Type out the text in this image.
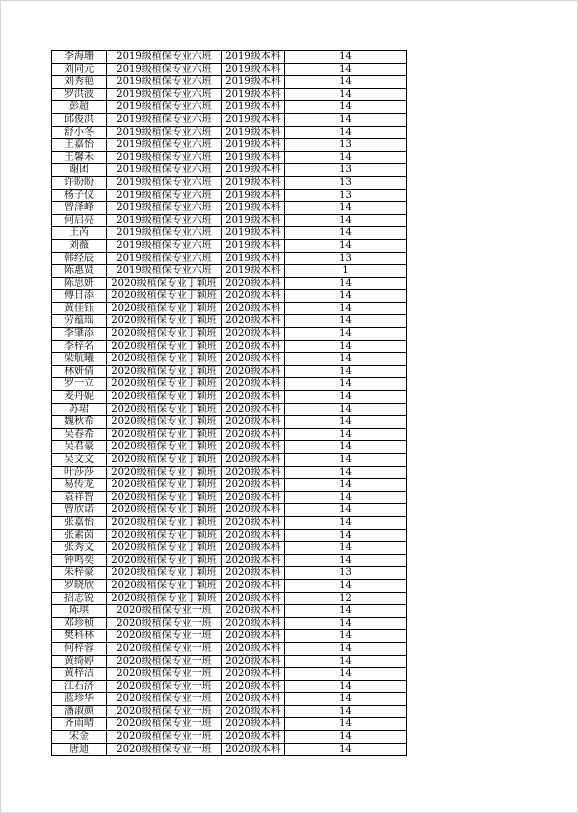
李海珊	2019级植保专业六班	2019级本科	14
刘同元	2019级植保专业六班	2019级本科	14
刘秀艳	2019级植保专业六班	2019级本科	14
罗洪波	2019级植保专业六班	2019级本科	14
彭超	2019级植保专业六班	2019级本科	14
邱俊洪	2019级植保专业六班	2019级本科	14
舒小冬	2019级植保专业六班	2019级本科	14
王嘉怡	2019级植保专业六班	2019级本科	13
王馨禾	2019级植保专业六班	2019级本科	14
谢团	2019级植保专业六班	2019级本科	13
许盼盼	2019级植保专业六班	2019级本科	13
杨子仪	2019级植保专业六班	2019级本科	13
曾泽峰	2019级植保专业六班	2019级本科	14
何启亮	2019级植保专业六班	2019级本科	14
王芮	2019级植保专业六班	2019级本科	14
刘薇	2019级植保专业六班	2019级本科	14
韩经辰	2019级植保专业六班	2019级本科	13
陈惠贤	2019级植保专业六班	2019级本科	1
陈思妍	2020级植保专业丁颖班	2020级本科	14
傅日添	2020级植保专业丁颖班	2020级本科	14
黄佳钰	2020级植保专业丁颖班	2020级本科	14
劳蕴瑶	2020级植保专业丁颖班	2020级本科	14
李肇添	2020级植保专业丁颖班	2020级本科	14
李梓名	2020级植保专业丁颖班	2020级本科	14
梁航曦	2020级植保专业丁颖班	2020级本科	14
林妍倩	2020级植保专业丁颖班	2020级本科	14
罗一立	2020级植保专业丁颖班	2020级本科	14
麦丹妮	2020级植保专业丁颖班	2020级本科	14
苏珺	2020级植保专业丁颖班	2020级本科	14
魏秋希	2020级植保专业丁颖班	2020级本科	14
吴春希	2020级植保专业丁颖班	2020级本科	14
吴君豪	2020级植保专业丁颖班	2020级本科	14
吴文文	2020级植保专业丁颖班	2020级本科	14
叶莎莎	2020级植保专业丁颖班	2020级本科	14
易传龙	2020级植保专业丁颖班	2020级本科	14
袁祥智	2020级植保专业丁颖班	2020级本科	14
曾欣诺	2020级植保专业丁颖班	2020级本科	14
张嘉怡	2020级植保专业丁颖班	2020级本科	14
张素茵	2020级植保专业丁颖班	2020级本科	14
张秀文	2020级植保专业丁颖班	2020级本科	14
钟鸣奕	2020级植保专业丁颖班	2020级本科	14
朱梓豪	2020级植保专业丁颖班	2020级本科	13
罗晓欣	2020级植保专业丁颖班	2020级本科	14
招志锐	2020级植保专业丁颖班	2020级本科	12
陈琪	2020级植保专业一班	2020级本科	14
邓珍桢	2020级植保专业一班	2020级本科	14
樊科林	2020级植保专业一班	2020级本科	14
何梓蓉	2020级植保专业一班	2020级本科	14
黄绮婷	2020级植保专业一班	2020级本科	14
黄梓洁	2020级植保专业一班	2020级本科	14
江石济	2020级植保专业一班	2020级本科	14
蓝珍华	2020级植保专业一班	2020级本科	14
潘淑颜	2020级植保专业一班	2020级本科	14
齐雨晴	2020级植保专业一班	2020级本科	14
宋金	2020级植保专业一班	2020级本科	14
唐迪	2020级植保专业一班	2020级本科	14
